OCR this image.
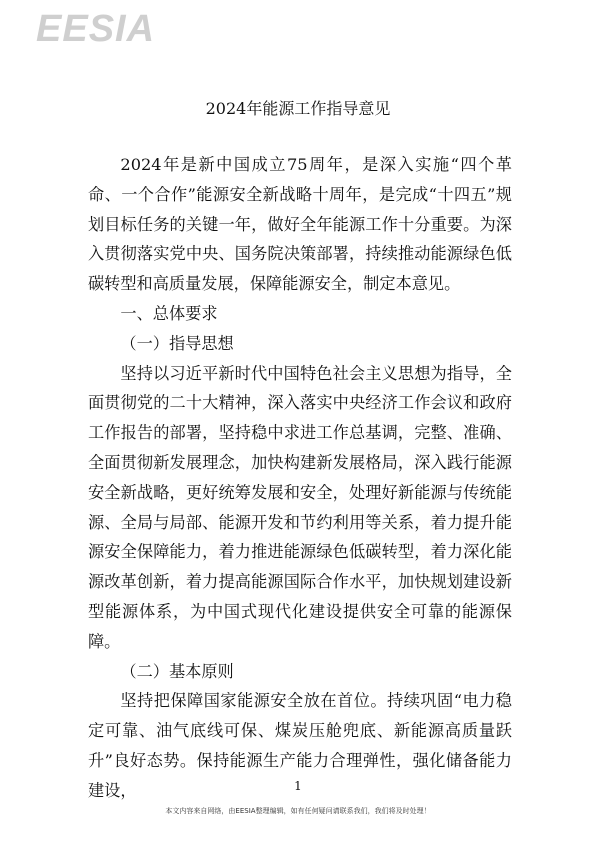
EESIA
2024年能源工作指导意见

2024年是新中国成立75周年，是深入实施“四个革命、一个合作”能源安全新战略十周年，是完成“十四五”规划目标任务的关键一年，做好全年能源工作十分重要。为深入贯彻落实党中央、国务院决策部署，持续推动能源绿色低碳转型和高质量发展，保障能源安全，制定本意见。

一、总体要求

（一）指导思想

坚持以习近平新时代中国特色社会主义思想为指导，全面贯彻党的二十大精神，深入落实中央经济工作会议和政府工作报告的部署，坚持稳中求进工作总基调，完整、准确、全面贯彻新发展理念，加快构建新发展格局，深入践行能源安全新战略，更好统筹发展和安全，处理好新能源与传统能源、全局与局部、能源开发和节约利用等关系，着力提升能源安全保障能力，着力推进能源绿色低碳转型，着力深化能源改革创新，着力提高能源国际合作水平，加快规划建设新型能源体系，为中国式现代化建设提供安全可靠的能源保障。

（二）基本原则

坚持把保障国家能源安全放在首位。持续巩固“电力稳定可靠、油气底线可保、煤炭压舱兜底、新能源高质量跃升”良好态势。保持能源生产能力合理弹性，强化储备能力建设，	1
本文内容来自网络，由EESIA整理编辑，如有任何疑问请联系我们，我们将及时处理！
